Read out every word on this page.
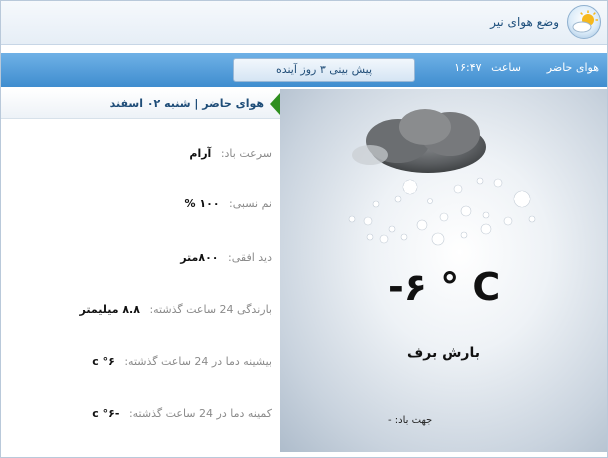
وضع هوای نیر
هوای حاضر
ساعت ۱۶:۴۷
پیش بینی ۳ روز آینده
-۶ ° C
بارش برف
جهت باد: -
هوای حاضر | شنبه ۰۲ اسفند
سرعت باد: آرام
نم نسبی: ١٠٠ %
دید افقی: ٨٠٠متر
بارندگی 24 ساعت گذشته: ٨.٨ میلیمتر
بیشینه دما در 24 ساعت گذشته: ۶° c
کمینه دما در 24 ساعت گذشته: -۶° c
